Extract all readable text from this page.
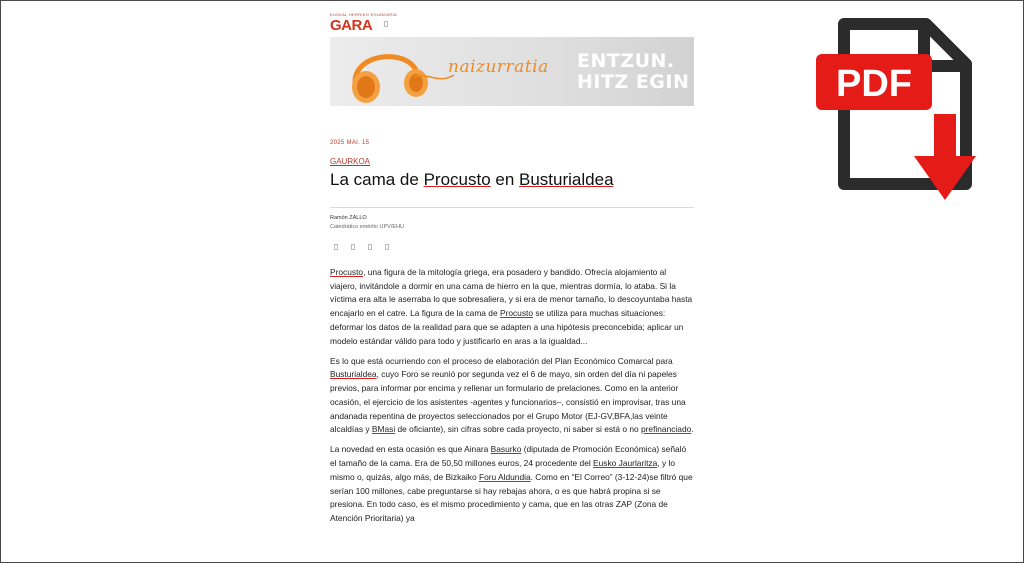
EUSKAL HERRIKO EGUNKARIA
GARA
naizurratia ENTZUN.
HITZ EGIN
2025 MAI. 15
GAURKOA
La cama de Procusto en Busturialdea
Ramón ZALLO
Catedrático emérito UPV/EHU

Procusto, una figura de la mitología griega, era posadero y bandido. Ofrecía alojamiento al viajero, invitándole a dormir en una cama de hierro en la que, mientras dormía, lo ataba. Si la víctima era alta le aserraba lo que sobresaliera, y si era de menor tamaño, lo descoyuntaba hasta encajarlo en el catre. La figura de la cama de Procusto se utiliza para muchas situaciones: deformar los datos de la realidad para que se adapten a una hipótesis preconcebida; aplicar un modelo estándar válido para todo y justificarlo en aras a la igualdad...

Es lo que está ocurriendo con el proceso de elaboración del Plan Económico Comarcal para Busturialdea, cuyo Foro se reunió por segunda vez el 6 de mayo, sin orden del día ni papeles previos, para informar por encima y rellenar un formulario de prelaciones. Como en la anterior ocasión, el ejercicio de los asistentes -agentes y funcionarios–, consistió en improvisar, tras una andanada repentina de proyectos seleccionados por el Grupo Motor (EJ-GV,BFA,las veinte alcaldías y BMasi de oficiante), sin cifras sobre cada proyecto, ni saber si está o no prefinanciado.

La novedad en esta ocasión es que Ainara Basurko (diputada de Promoción Económica) señaló el tamaño de la cama. Era de 50,50 millones euros, 24 procedente del Eusko Jaurlaritza, y lo mismo o, quizás, algo más, de Bizkaiko Foru Aldundia. Como en “El Correo” (3-12-24)se filtró que serían 100 millones, cabe preguntarse si hay rebajas ahora, o es que habrá propina si se presiona. En todo caso, es el mismo procedimiento y cama, que en las otras ZAP (Zona de Atención Prioritaria) ya

PDF
